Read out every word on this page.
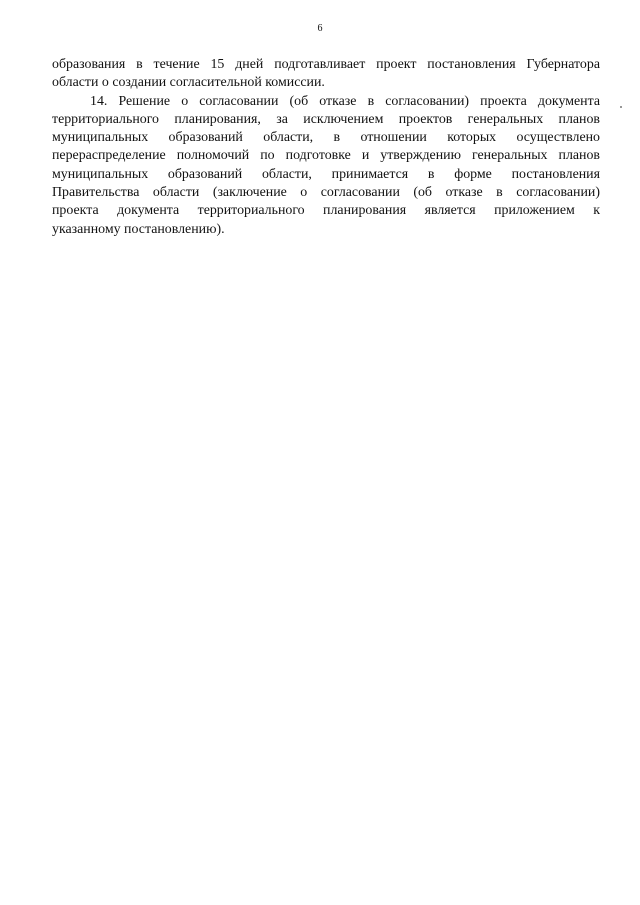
6
образования в течение 15 дней подготавливает проект постановления Губернатора
области о создании согласительной комиссии.
14. Решение о согласовании (об отказе в согласовании) проекта документа
территориального планирования, за исключением проектов генеральных планов
муниципальных образований области, в отношении которых осуществлено
перераспределение полномочий по подготовке и утверждению генеральных планов
муниципальных образований области, принимается в форме постановления
Правительства области (заключение о согласовании (об отказе в согласовании)
проекта документа территориального планирования является приложением к
указанному постановлению).
